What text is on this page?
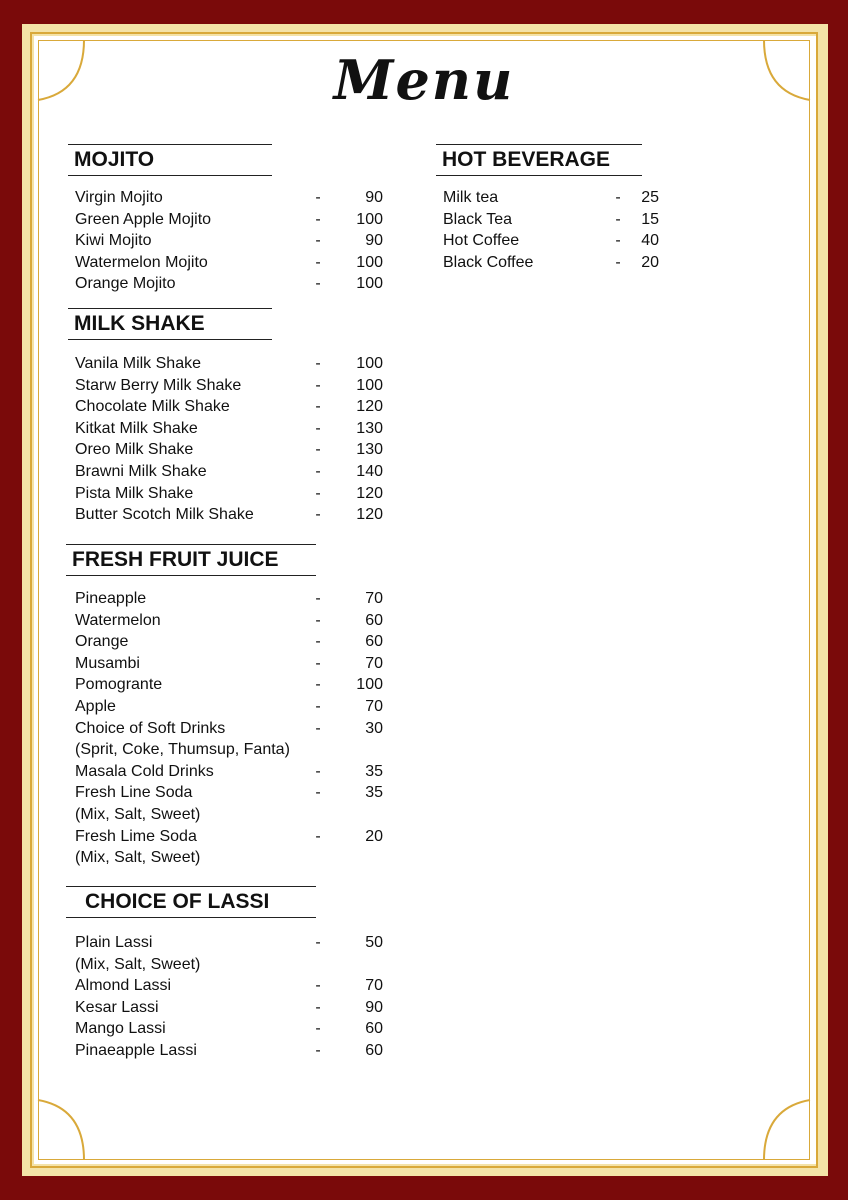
Menu
MOJITO
Virgin Mojito	-	90
Green Apple Mojito	-	100
Kiwi Mojito	-	90
Watermelon Mojito	-	100
Orange Mojito	-	100
MILK SHAKE
Vanila Milk Shake	-	100
Starw Berry Milk Shake	-	100
Chocolate Milk Shake	-	120
Kitkat Milk Shake	-	130
Oreo Milk Shake	-	130
Brawni Milk Shake	-	140
Pista Milk Shake	-	120
Butter Scotch Milk Shake	-	120
FRESH FRUIT JUICE
Pineapple	-	70
Watermelon	-	60
Orange	-	60
Musambi	-	70
Pomogrante	-	100
Apple	-	70
Choice of Soft Drinks	-	30
(Sprit, Coke, Thumsup, Fanta)
Masala Cold Drinks	-	35
Fresh Line Soda	-	35
(Mix, Salt, Sweet)
Fresh Lime Soda	-	20
(Mix, Salt, Sweet)
CHOICE OF LASSI
Plain Lassi	-	50
(Mix, Salt, Sweet)
Almond Lassi	-	70
Kesar Lassi	-	90
Mango Lassi	-	60
Pinaeapple Lassi	-	60
HOT BEVERAGE
Milk tea	-	25
Black Tea	-	15
Hot Coffee	-	40
Black Coffee	-	20
